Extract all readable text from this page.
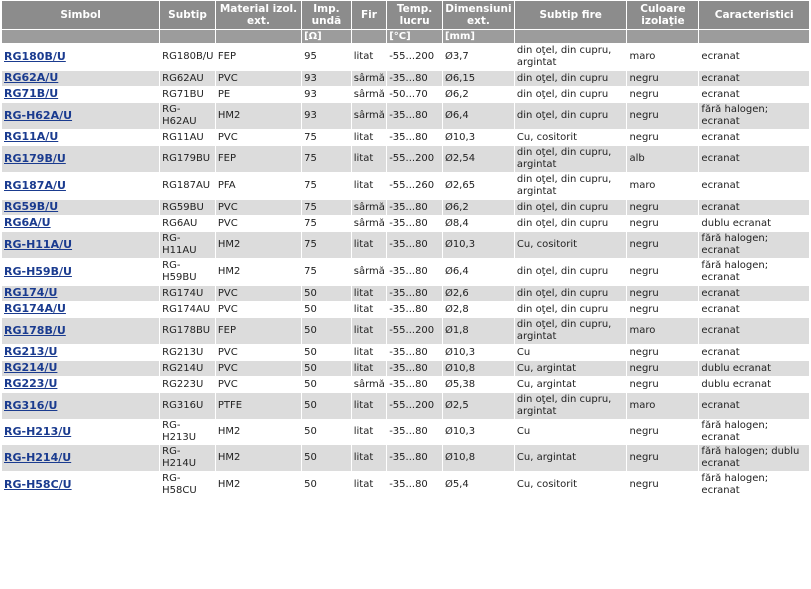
Simbol	Subtip	Material izol. ext.	Imp. undă	Fir	Temp. lucru	Dimensiuni ext.	Subtip fire	Culoare izolaţie	Caracteristici
			[Ω]		[°C]	[mm]			
RG180B/U	RG180B/U	FEP	95	litat	-55...200	Ø3,7	din oţel, din cupru, argintat	maro	ecranat
RG62A/U	RG62AU	PVC	93	sârmă	-35...80	Ø6,15	din oţel, din cupru	negru	ecranat
RG71B/U	RG71BU	PE	93	sârmă	-50...70	Ø6,2	din oţel, din cupru	negru	ecranat
RG-H62A/U	RG-H62AU	HM2	93	sârmă	-35...80	Ø6,4	din oţel, din cupru	negru	fără halogen; ecranat
RG11A/U	RG11AU	PVC	75	litat	-35...80	Ø10,3	Cu, cositorit	negru	ecranat
RG179B/U	RG179BU	FEP	75	litat	-55...200	Ø2,54	din oţel, din cupru, argintat	alb	ecranat
RG187A/U	RG187AU	PFA	75	litat	-55...260	Ø2,65	din oţel, din cupru, argintat	maro	ecranat
RG59B/U	RG59BU	PVC	75	sârmă	-35...80	Ø6,2	din oţel, din cupru	negru	ecranat
RG6A/U	RG6AU	PVC	75	sârmă	-35...80	Ø8,4	din oţel, din cupru	negru	dublu ecranat
RG-H11A/U	RG-H11AU	HM2	75	litat	-35...80	Ø10,3	Cu, cositorit	negru	fără halogen; ecranat
RG-H59B/U	RG-H59BU	HM2	75	sârmă	-35...80	Ø6,4	din oţel, din cupru	negru	fără halogen; ecranat
RG174/U	RG174U	PVC	50	litat	-35...80	Ø2,6	din oţel, din cupru	negru	ecranat
RG174A/U	RG174AU	PVC	50	litat	-35...80	Ø2,8	din oţel, din cupru	negru	ecranat
RG178B/U	RG178BU	FEP	50	litat	-55...200	Ø1,8	din oţel, din cupru, argintat	maro	ecranat
RG213/U	RG213U	PVC	50	litat	-35...80	Ø10,3	Cu	negru	ecranat
RG214/U	RG214U	PVC	50	litat	-35...80	Ø10,8	Cu, argintat	negru	dublu ecranat
RG223/U	RG223U	PVC	50	sârmă	-35...80	Ø5,38	Cu, argintat	negru	dublu ecranat
RG316/U	RG316U	PTFE	50	litat	-55...200	Ø2,5	din oţel, din cupru, argintat	maro	ecranat
RG-H213/U	RG-H213U	HM2	50	litat	-35...80	Ø10,3	Cu	negru	fără halogen; ecranat
RG-H214/U	RG-H214U	HM2	50	litat	-35...80	Ø10,8	Cu, argintat	negru	fără halogen; dublu ecranat
RG-H58C/U	RG-H58CU	HM2	50	litat	-35...80	Ø5,4	Cu, cositorit	negru	fără halogen; ecranat
